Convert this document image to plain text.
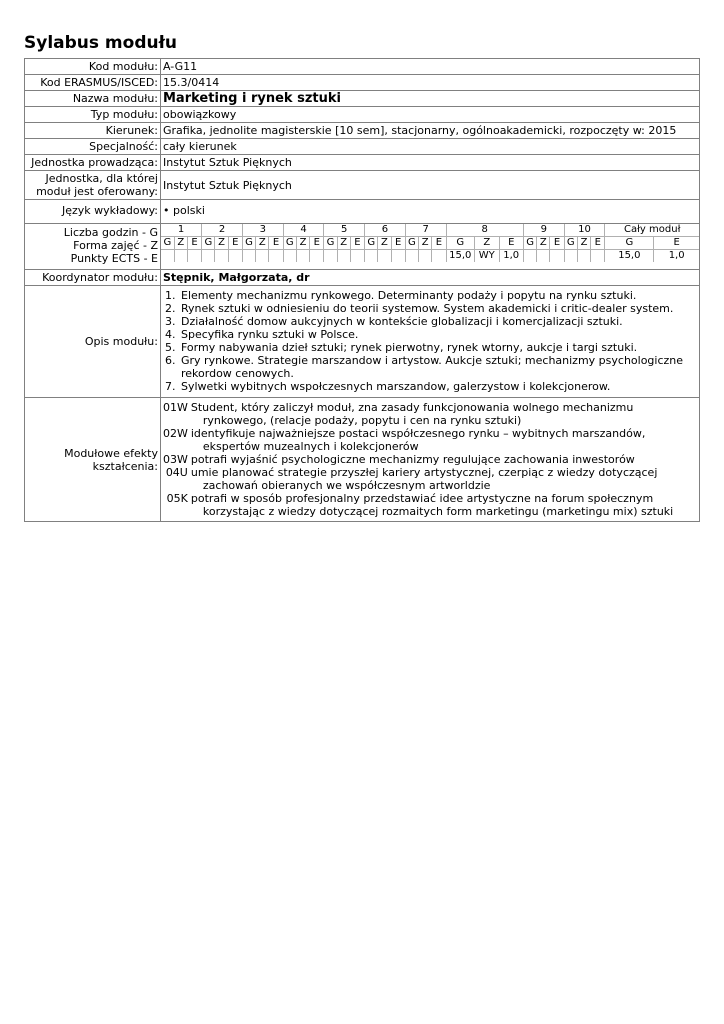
Sylabus modułu
Kod modułu:	A-G11
Kod ERASMUS/ISCED:	15.3/0414
Nazwa modułu:	Marketing i rynek sztuki
Typ modułu:	obowiązkowy
Kierunek:	Grafika, jednolite magisterskie [10 sem], stacjonarny, ogólnoakademicki, rozpoczęty w: 2015
Specjalność:	cały kierunek
Jednostka prowadząca:	Instytut Sztuk Pięknych
Jednostka, dla której moduł jest oferowany:	Instytut Sztuk Pięknych
Język wykładowy:	• polski

Liczba godzin - G
Forma zajęć - Z
Punkty ECTS - E

1	2	3	4	5	6	7	8	9	10	Cały moduł
G	Z	E	G	Z	E	G	Z	E	G	Z	E	G	Z	E	G	Z	E	G	Z	E	G	Z	E	G	Z	E	G	Z	E	G	E
																					15,0	WY	1,0							15,0	1,0

Koordynator modułu:	Stępnik, Małgorzata, dr
Opis modułu:	
1. Elementy mechanizmu rynkowego. Determinanty podaży i popytu na rynku sztuki.
2. Rynek sztuki w odniesieniu do teorii systemow. System akademicki i critic-dealer system.
3. Działalność domow aukcyjnych w kontekście globalizacji i komercjalizacji sztuki.
4. Specyfika rynku sztuki w Polsce.
5. Formy nabywania dzieł sztuki; rynek pierwotny, rynek wtorny, aukcje i targi sztuki.
6. Gry rynkowe. Strategie marszandow i artystow. Aukcje sztuki; mechanizmy psychologiczne rekordow cenowych.
7. Sylwetki wybitnych wspołczesnych marszandow, galerzystow i kolekcjonerow.

Modułowe efekty kształcenia:	
01W	Student, który zaliczył moduł, zna zasady funkcjonowania wolnego mechanizmu
rynkowego, (relacje podaży, popytu i cen na rynku sztuki)

02W	identyfikuje najważniejsze postaci współczesnego rynku – wybitnych marszandów,
ekspertów muzealnych i kolekcjonerów

03W	potrafi wyjaśnić psychologiczne mechanizmy regulujące zachowania inwestorów
04U	umie planować strategie przyszłej kariery artystycznej, czerpiąc z wiedzy dotyczącej
zachowań obieranych we współczesnym artworldzie

05K	potrafi w sposób profesjonalny przedstawiać idee artystyczne na forum społecznym
korzystając z wiedzy dotyczącej rozmaitych form marketingu (marketingu mix) sztuki
